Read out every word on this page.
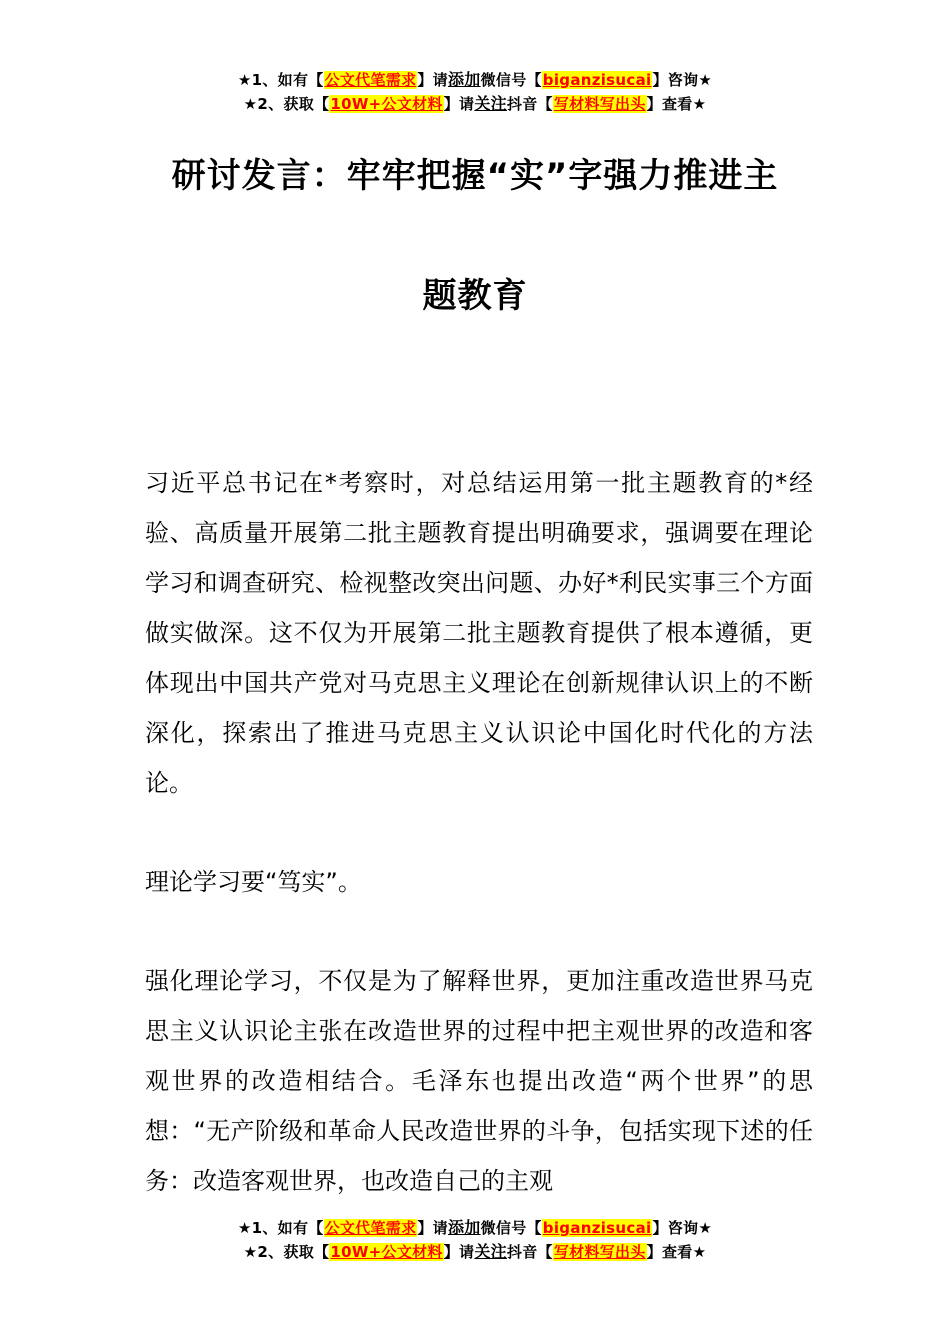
★1、如有【公文代笔需求】请添加微信号【biganzisucai】咨询★
★2、获取【10W+公文材料】请关注抖音【写材料写出头】查看★
研讨发言：牢牢把握“实”字强力推进主
题教育

习近平总书记在*考察时，对总结运用第一批主题教育的*经验、高质量开展第二批主题教育提出明确要求，强调要在理论学习和调查研究、检视整改突出问题、办好*利民实事三个方面做实做深。这不仅为开展第二批主题教育提供了根本遵循，更体现出中国共产党对马克思主义理论在创新规律认识上的不断深化，探索出了推进马克思主义认识论中国化时代化的方法论。

理论学习要“笃实”。

强化理论学习，不仅是为了解释世界，更加注重改造世界马克思主义认识论主张在改造世界的过程中把主观世界的改造和客观世界的改造相结合。毛泽东也提出改造“两个世界”的思想：“无产阶级和革命人民改造世界的斗争，包括实现下述的任务：改造客观世界，也改造自己的主观

★1、如有【公文代笔需求】请添加微信号【biganzisucai】咨询★
★2、获取【10W+公文材料】请关注抖音【写材料写出头】查看★
